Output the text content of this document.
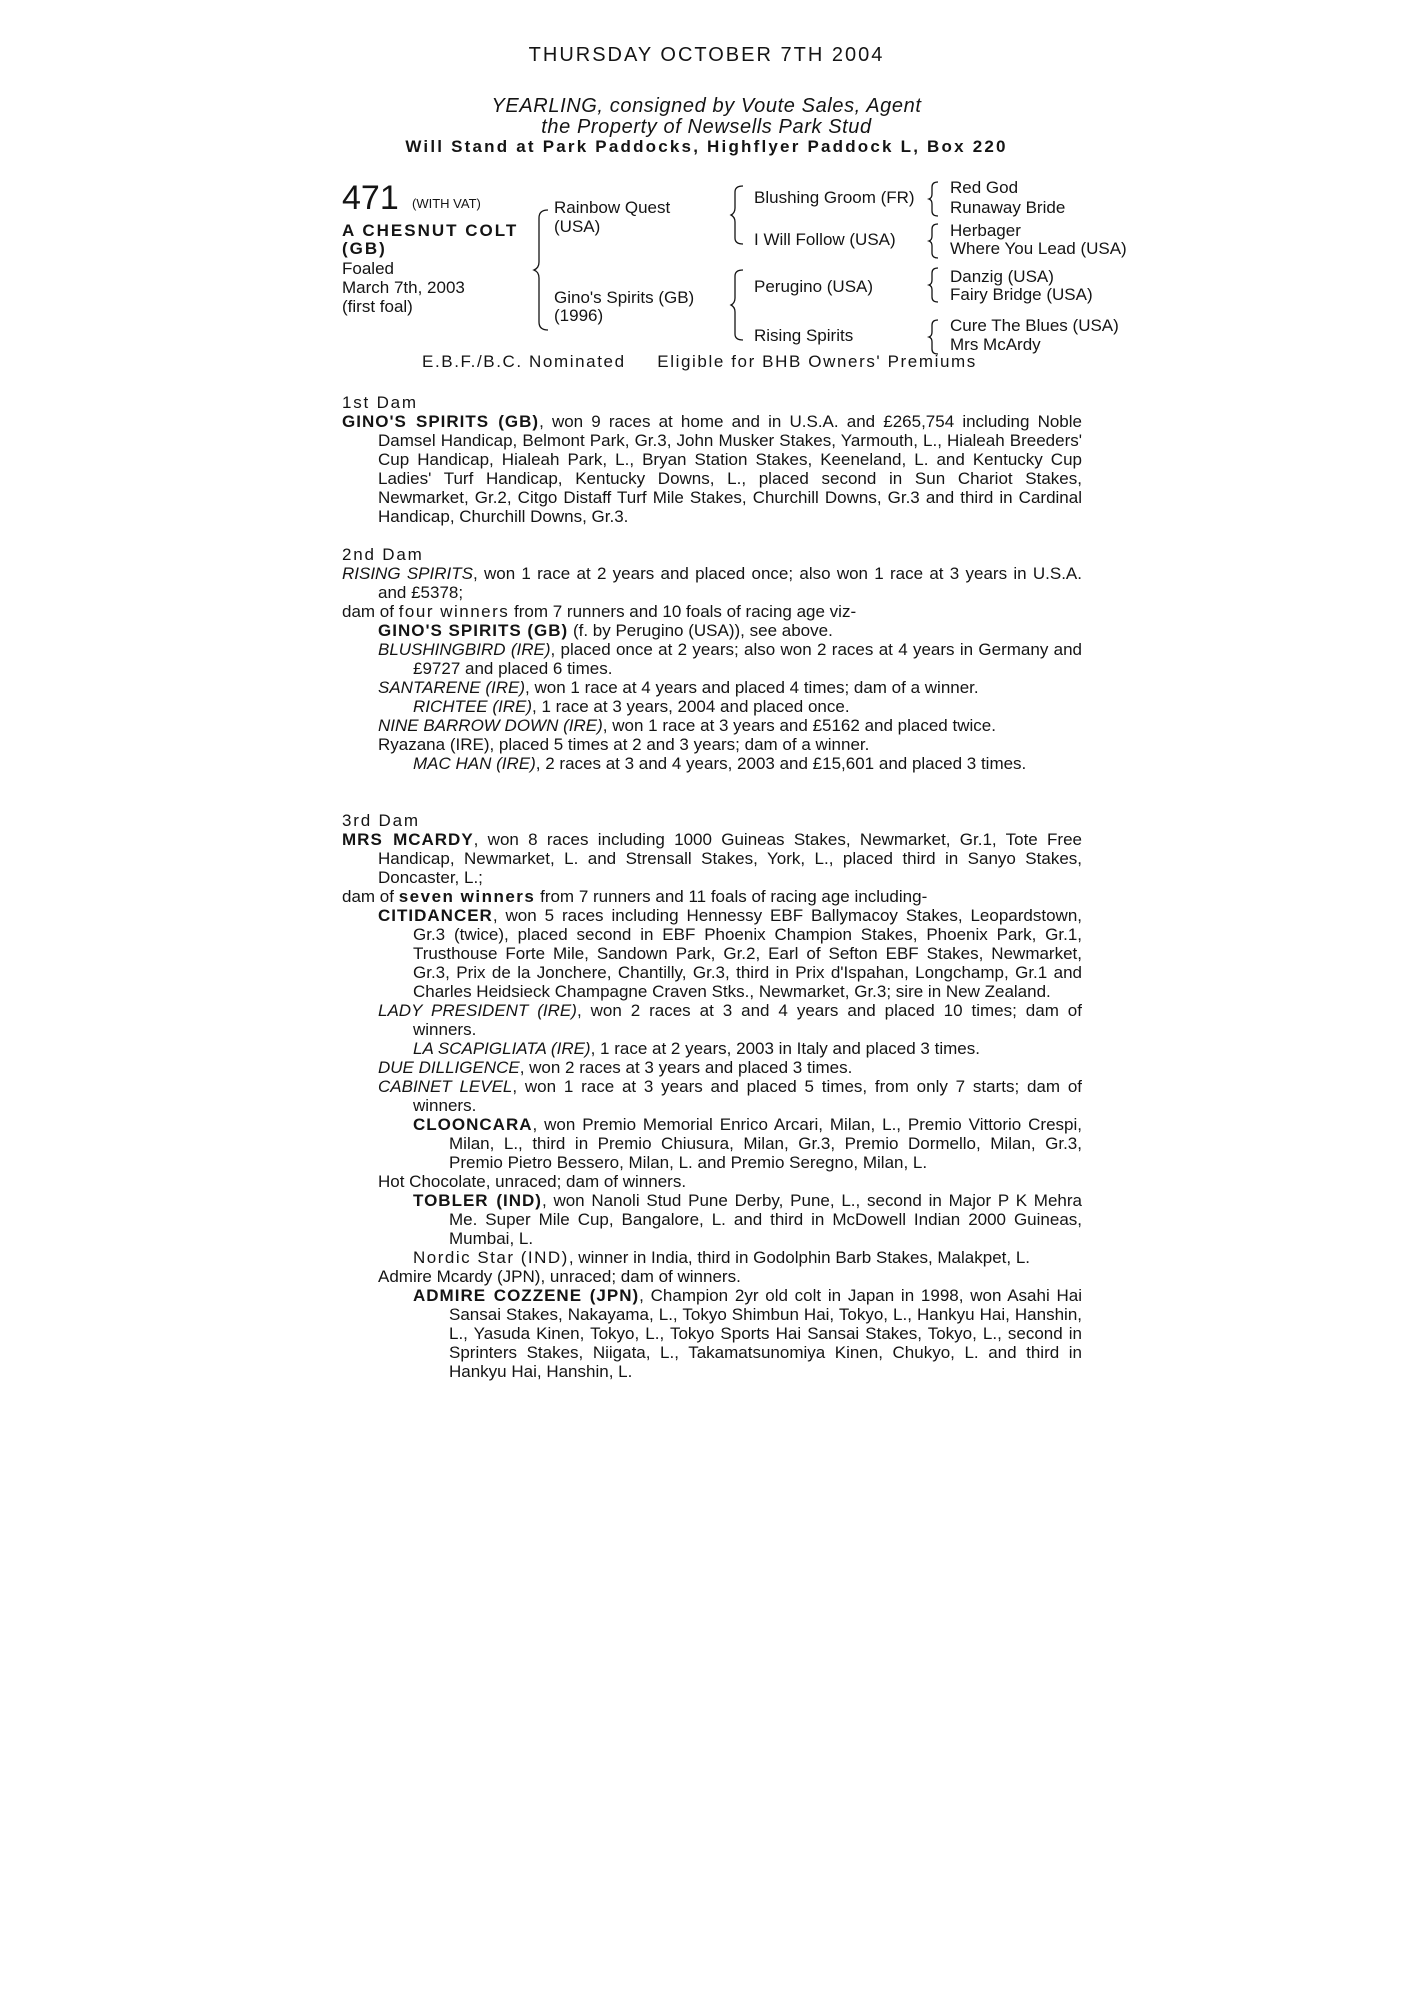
THURSDAY OCTOBER 7TH 2004
YEARLING, consigned by Voute Sales, Agent
the Property of Newsells Park Stud
Will Stand at Park Paddocks, Highflyer Paddock L, Box 220
471 (WITH VAT)
A CHESNUT COLT
(GB)
Foaled
March 7th, 2003
(first foal)
Rainbow Quest
(USA)
Gino's Spirits (GB)
(1996)
Blushing Groom (FR)
I Will Follow (USA)
Perugino (USA)
Rising Spirits
Red God
Runaway Bride
Herbager
Where You Lead (USA)
Danzig (USA)
Fairy Bridge (USA)
Cure The Blues (USA)
Mrs McArdy
E.B.F./B.C. Nominated     Eligible for BHB Owners' Premiums
1st Dam

GINO'S SPIRITS (GB), won 9 races at home and in U.S.A. and £265,754 including Noble Damsel Handicap, Belmont Park, Gr.3, John Musker Stakes, Yarmouth, L., Hialeah Breeders' Cup Handicap, Hialeah Park, L., Bryan Station Stakes, Keeneland, L. and Kentucky Cup Ladies' Turf Handicap, Kentucky Downs, L., placed second in Sun Chariot Stakes, Newmarket, Gr.2, Citgo Distaff Turf Mile Stakes, Churchill Downs, Gr.3 and third in Cardinal Handicap, Churchill Downs, Gr.3.

2nd Dam

RISING SPIRITS, won 1 race at 2 years and placed once; also won 1 race at 3 years in U.S.A. and £5378;

dam of four winners from 7 runners and 10 foals of racing age viz-

GINO'S SPIRITS (GB) (f. by Perugino (USA)), see above.

BLUSHINGBIRD (IRE), placed once at 2 years; also won 2 races at 4 years in Germany and £9727 and placed 6 times.

SANTARENE (IRE), won 1 race at 4 years and placed 4 times; dam of a winner.

RICHTEE (IRE), 1 race at 3 years, 2004 and placed once.

NINE BARROW DOWN (IRE), won 1 race at 3 years and £5162 and placed twice.

Ryazana (IRE), placed 5 times at 2 and 3 years; dam of a winner.

MAC HAN (IRE), 2 races at 3 and 4 years, 2003 and £15,601 and placed 3 times.

3rd Dam

MRS MCARDY, won 8 races including 1000 Guineas Stakes, Newmarket, Gr.1, Tote Free Handicap, Newmarket, L. and Strensall Stakes, York, L., placed third in Sanyo Stakes, Doncaster, L.;

dam of seven winners from 7 runners and 11 foals of racing age including-

CITIDANCER, won 5 races including Hennessy EBF Ballymacoy Stakes, Leopardstown, Gr.3 (twice), placed second in EBF Phoenix Champion Stakes, Phoenix Park, Gr.1, Trusthouse Forte Mile, Sandown Park, Gr.2, Earl of Sefton EBF Stakes, Newmarket, Gr.3, Prix de la Jonchere, Chantilly, Gr.3, third in Prix d'Ispahan, Longchamp, Gr.1 and Charles Heidsieck Champagne Craven Stks., Newmarket, Gr.3; sire in New Zealand.

LADY PRESIDENT (IRE), won 2 races at 3 and 4 years and placed 10 times; dam of winners.

LA SCAPIGLIATA (IRE), 1 race at 2 years, 2003 in Italy and placed 3 times.

DUE DILLIGENCE, won 2 races at 3 years and placed 3 times.

CABINET LEVEL, won 1 race at 3 years and placed 5 times, from only 7 starts; dam of winners.

CLOONCARA, won Premio Memorial Enrico Arcari, Milan, L., Premio Vittorio Crespi, Milan, L., third in Premio Chiusura, Milan, Gr.3, Premio Dormello, Milan, Gr.3, Premio Pietro Bessero, Milan, L. and Premio Seregno, Milan, L.

Hot Chocolate, unraced; dam of winners.

TOBLER (IND), won Nanoli Stud Pune Derby, Pune, L., second in Major P K Mehra Me. Super Mile Cup, Bangalore, L. and third in McDowell Indian 2000 Guineas, Mumbai, L.

Nordic Star (IND), winner in India, third in Godolphin Barb Stakes, Malakpet, L.

Admire Mcardy (JPN), unraced; dam of winners.

ADMIRE COZZENE (JPN), Champion 2yr old colt in Japan in 1998, won Asahi Hai Sansai Stakes, Nakayama, L., Tokyo Shimbun Hai, Tokyo, L., Hankyu Hai, Hanshin, L., Yasuda Kinen, Tokyo, L., Tokyo Sports Hai Sansai Stakes, Tokyo, L., second in Sprinters Stakes, Niigata, L., Takamatsunomiya Kinen, Chukyo, L. and third in Hankyu Hai, Hanshin, L.
